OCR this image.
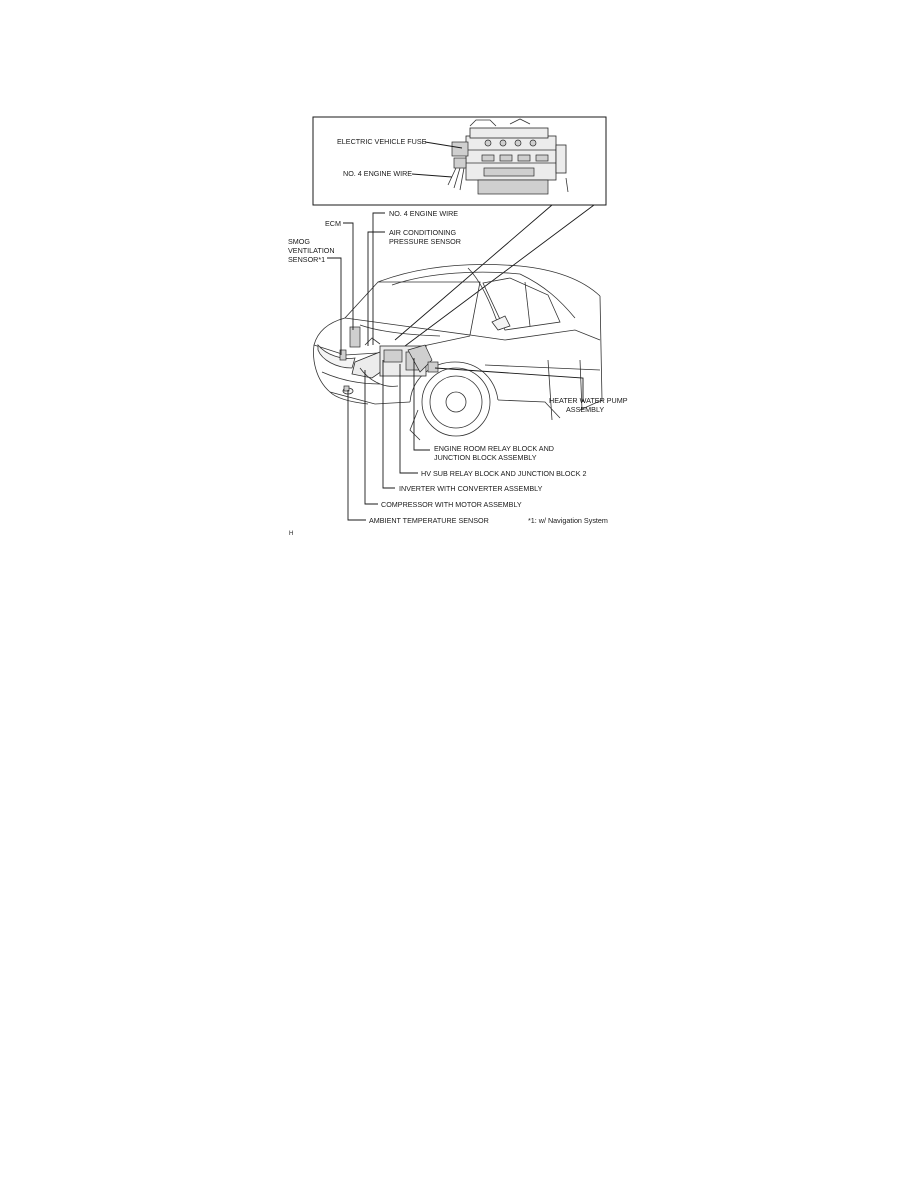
ELECTRIC VEHICLE FUSE
NO. 4 ENGINE WIRE
ECM
NO. 4 ENGINE WIRE
AIR CONDITIONING
PRESSURE SENSOR
SMOG
VENTILATION
SENSOR*1
HEATER WATER PUMP
ASSEMBLY
ENGINE ROOM RELAY BLOCK AND
JUNCTION BLOCK ASSEMBLY
HV SUB RELAY BLOCK AND JUNCTION BLOCK 2
INVERTER WITH CONVERTER ASSEMBLY
COMPRESSOR WITH MOTOR ASSEMBLY
AMBIENT TEMPERATURE SENSOR	*1: w/ Navigation System
H
